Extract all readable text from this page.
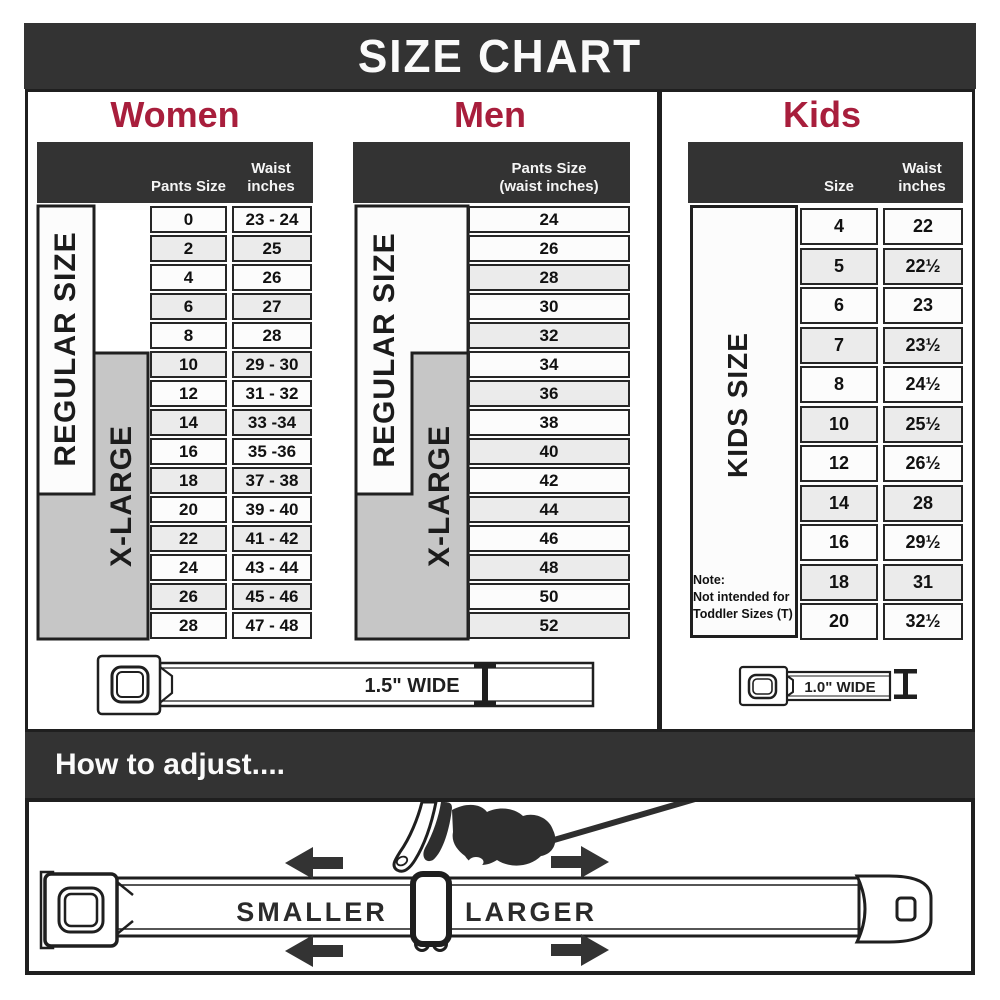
SIZE CHART
How to adjust....
Women	Men	Kids
Pants Size
Waist
inches
REGULAR SIZE
X-LARGE
0	23 - 24
2	25
4	26
6	27
8	28
10	29 - 30
12	31 - 32
14	33 -34
16	35 -36
18	37 - 38
20	39 - 40
22	41 - 42
24	43 - 44
26	45 - 46
28	47 - 48
Pants Size
(waist inches)
REGULAR SIZE
X-LARGE
24
26
28
30
32
34
36
38
40
42
44
46
48
50
52
Size
Waist
inches
KIDS SIZE
Note:
Not intended for
Toddler Sizes (T)
4	22
5	22½
6	23
7	23½
8	24½
10	25½
12	26½
14	28
16	29½
18	31
20	32½
1.5" WIDE	1.0" WIDE
SMALLER	LARGER
